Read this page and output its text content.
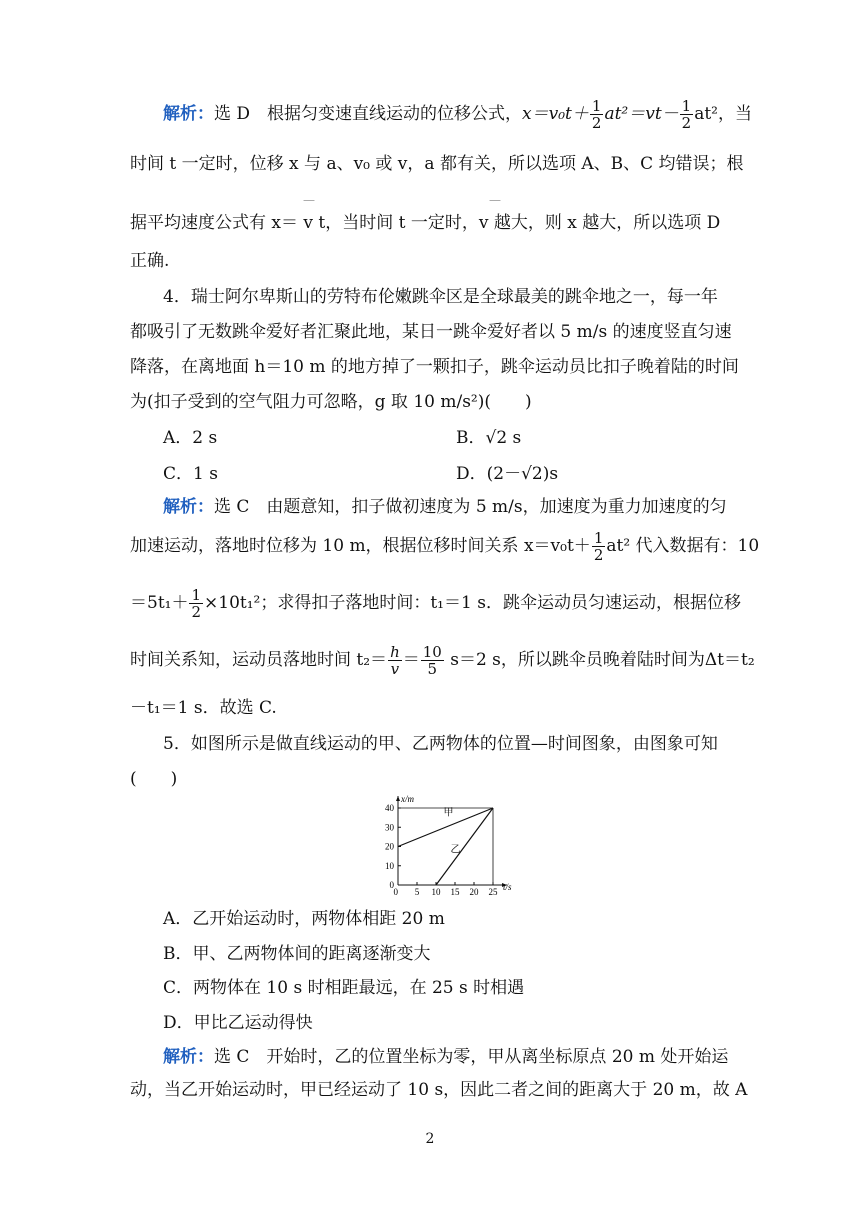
解析：选 D　根据匀变速直线运动的位移公式，$x=v_0t+ \frac{1}{2} at^2=vt- \frac{1}{2} at^2$，当
时间 t 一定时，位移 x 与 a、v₀ 或 v，a 都有关，所以选项 A、B、C 均错误；根
—	—
据平均速度公式有 x＝ v t，当时间 t 一定时，v 越大，则 x 越大，所以选项 D
正确.
4．瑞士阿尔卑斯山的劳特布伦嫩跳伞区是全球最美的跳伞地之一，每一年
都吸引了无数跳伞爱好者汇聚此地，某日一跳伞爱好者以 5 m/s 的速度竖直匀速
降落，在离地面 h＝10 m 的地方掉了一颗扣子，跳伞运动员比扣子晚着陆的时间
为(扣子受到的空气阻力可忽略，g 取 10 m/s²)(　　)
A．2 s	B．√2 s
C．1 s	D．(2－√2)s
解析：选 C　由题意知，扣子做初速度为 5 m/s，加速度为重力加速度的匀
加速运动，落地时位移为 10 m，根据位移时间关系 $x=v_0t+ \frac{1}{2} at^2$ 代入数据有：10
$=5t_1+ \frac{1}{2} \times 10t_1^2$；求得扣子落地时间：t₁＝1 s．跳伞运动员匀速运动，根据位移
时间关系知，运动员落地时间 $t_2= \frac{h}{v} = \frac{10}{5} s=2$ s，所以跳伞员晚着陆时间为Δt＝t₂
－t₁＝1 s．故选 C.
5．如图所示是做直线运动的甲、乙两物体的位置—时间图象，由图象可知
(　　)
t/s
x/m
0 5 10 15 20 25
0
10
20
30
40	甲
乙
A．乙开始运动时，两物体相距 20 m
B．甲、乙两物体间的距离逐渐变大
C．两物体在 10 s 时相距最远，在 25 s 时相遇
D．甲比乙运动得快
解析：选 C　开始时，乙的位置坐标为零，甲从离坐标原点 20 m 处开始运
动，当乙开始运动时，甲已经运动了 10 s，因此二者之间的距离大于 20 m，故 A
2
